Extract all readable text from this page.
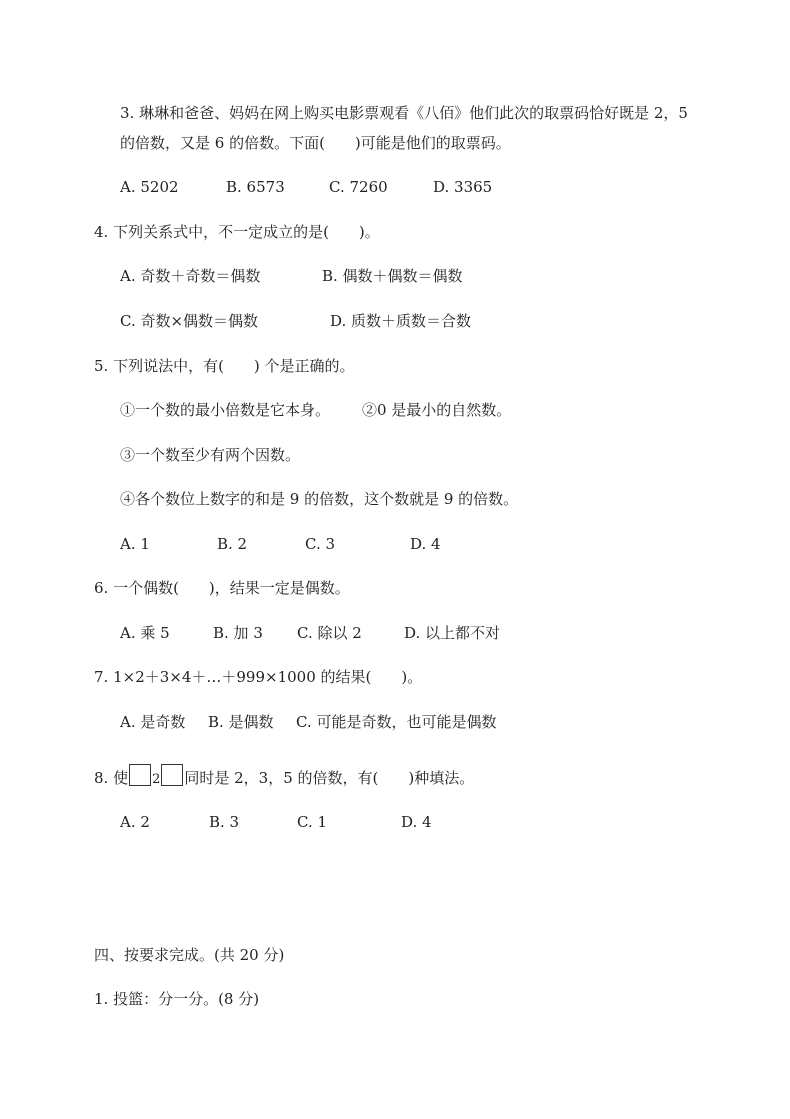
3. 琳琳和爸爸、妈妈在网上购买电影票观看《八佰》他们此次的取票码恰好既是 2，5
的倍数，又是 6 的倍数。下面(　　)可能是他们的取票码。
A. 5202	B. 6573	C. 7260	D. 3365
4. 下列关系式中，不一定成立的是(　　)。
A. 奇数＋奇数＝偶数	B. 偶数＋偶数＝偶数
C. 奇数×偶数＝偶数	D. 质数＋质数＝合数
5. 下列说法中，有(　　) 个是正确的。
①一个数的最小倍数是它本身。 ②0 是最小的自然数。
③一个数至少有两个因数。
④各个数位上数字的和是 9 的倍数，这个数就是 9 的倍数。
A. 1	B. 2	C. 3	D. 4
6. 一个偶数(　　)，结果一定是偶数。
A. 乘 5	B. 加 3 C. 除以 2	D. 以上都不对
7. 1×2＋3×4＋…＋999×1000 的结果(　　)。
A. 是奇数 B. 是偶数 C. 可能是奇数，也可能是偶数
8. 使 2 同时是 2，3，5 的倍数，有(　　)种填法。
A. 2	B. 3	C. 1	D. 4
四、按要求完成。(共 20 分)
1. 投篮：分一分。(8 分)
